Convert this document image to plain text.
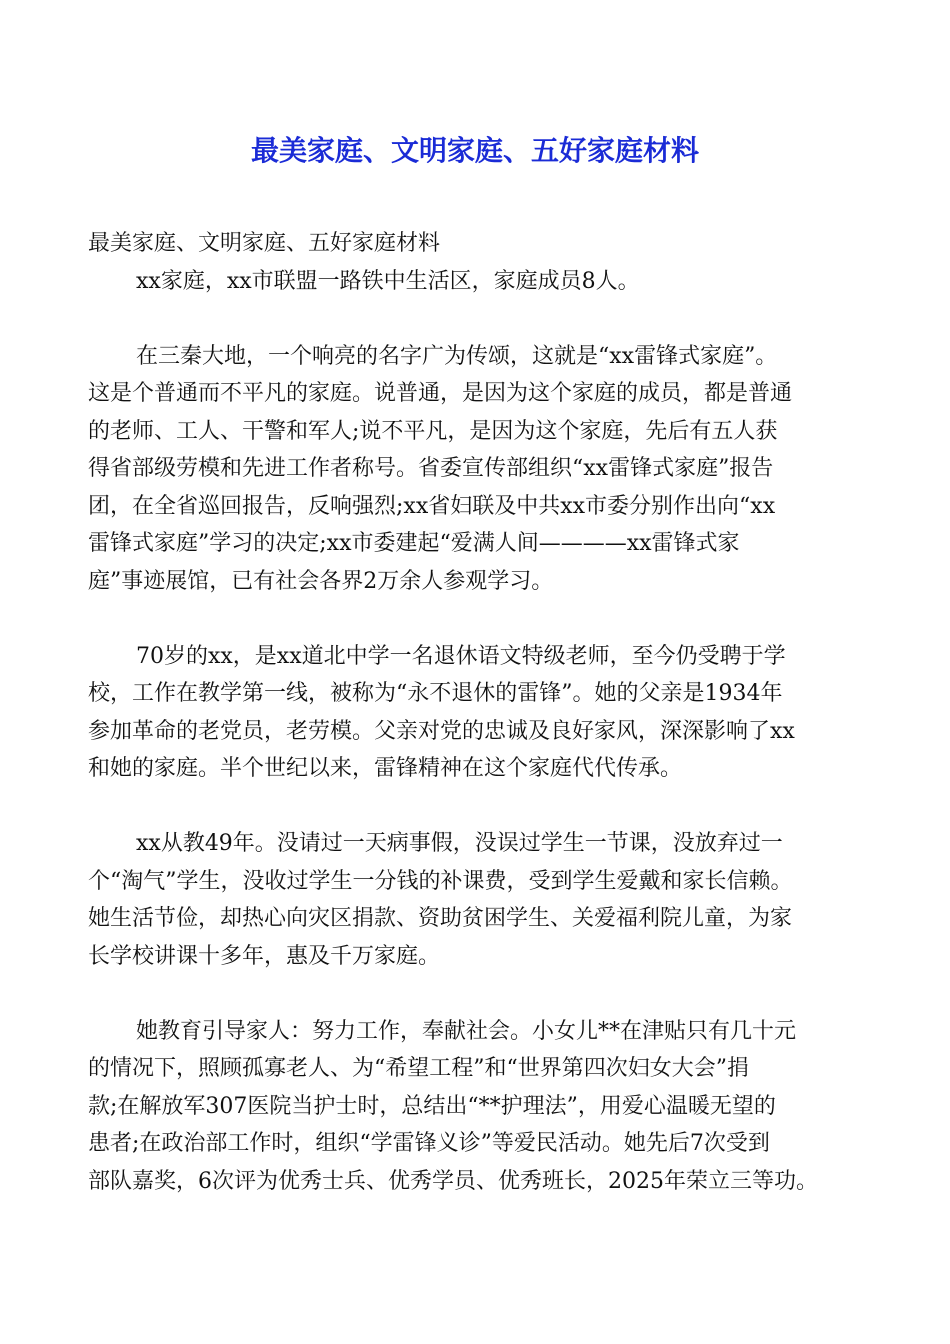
最美家庭、文明家庭、五好家庭材料

最美家庭、文明家庭、五好家庭材料

xx家庭，xx市联盟一路铁中生活区，家庭成员8人。

在三秦大地，一个响亮的名字广为传颂，这就是“xx雷锋式家庭”。

这是个普通而不平凡的家庭。说普通，是因为这个家庭的成员，都是普通

的老师、工人、干警和军人;说不平凡，是因为这个家庭，先后有五人获

得省部级劳模和先进工作者称号。省委宣传部组织“xx雷锋式家庭”报告

团，在全省巡回报告，反响强烈;xx省妇联及中共xx市委分别作出向“xx

雷锋式家庭”学习的决定;xx市委建起“爱满人间————xx雷锋式家

庭”事迹展馆，已有社会各界2万余人参观学习。

70岁的xx，是xx道北中学一名退休语文特级老师，至今仍受聘于学

校，工作在教学第一线，被称为“永不退休的雷锋”。她的父亲是1934年

参加革命的老党员，老劳模。父亲对党的忠诚及良好家风，深深影响了xx

和她的家庭。半个世纪以来，雷锋精神在这个家庭代代传承。

xx从教49年。没请过一天病事假，没误过学生一节课，没放弃过一

个“淘气”学生，没收过学生一分钱的补课费，受到学生爱戴和家长信赖。

她生活节俭，却热心向灾区捐款、资助贫困学生、关爱福利院儿童，为家

长学校讲课十多年，惠及千万家庭。

她教育引导家人：努力工作，奉献社会。小女儿**在津贴只有几十元

的情况下，照顾孤寡老人、为“希望工程”和“世界第四次妇女大会”捐

款;在解放军307医院当护士时，总结出“**护理法”，用爱心温暖无望的

患者;在政治部工作时，组织“学雷锋义诊”等爱民活动。她先后7次受到

部队嘉奖，6次评为优秀士兵、优秀学员、优秀班长，2025年荣立三等功。
